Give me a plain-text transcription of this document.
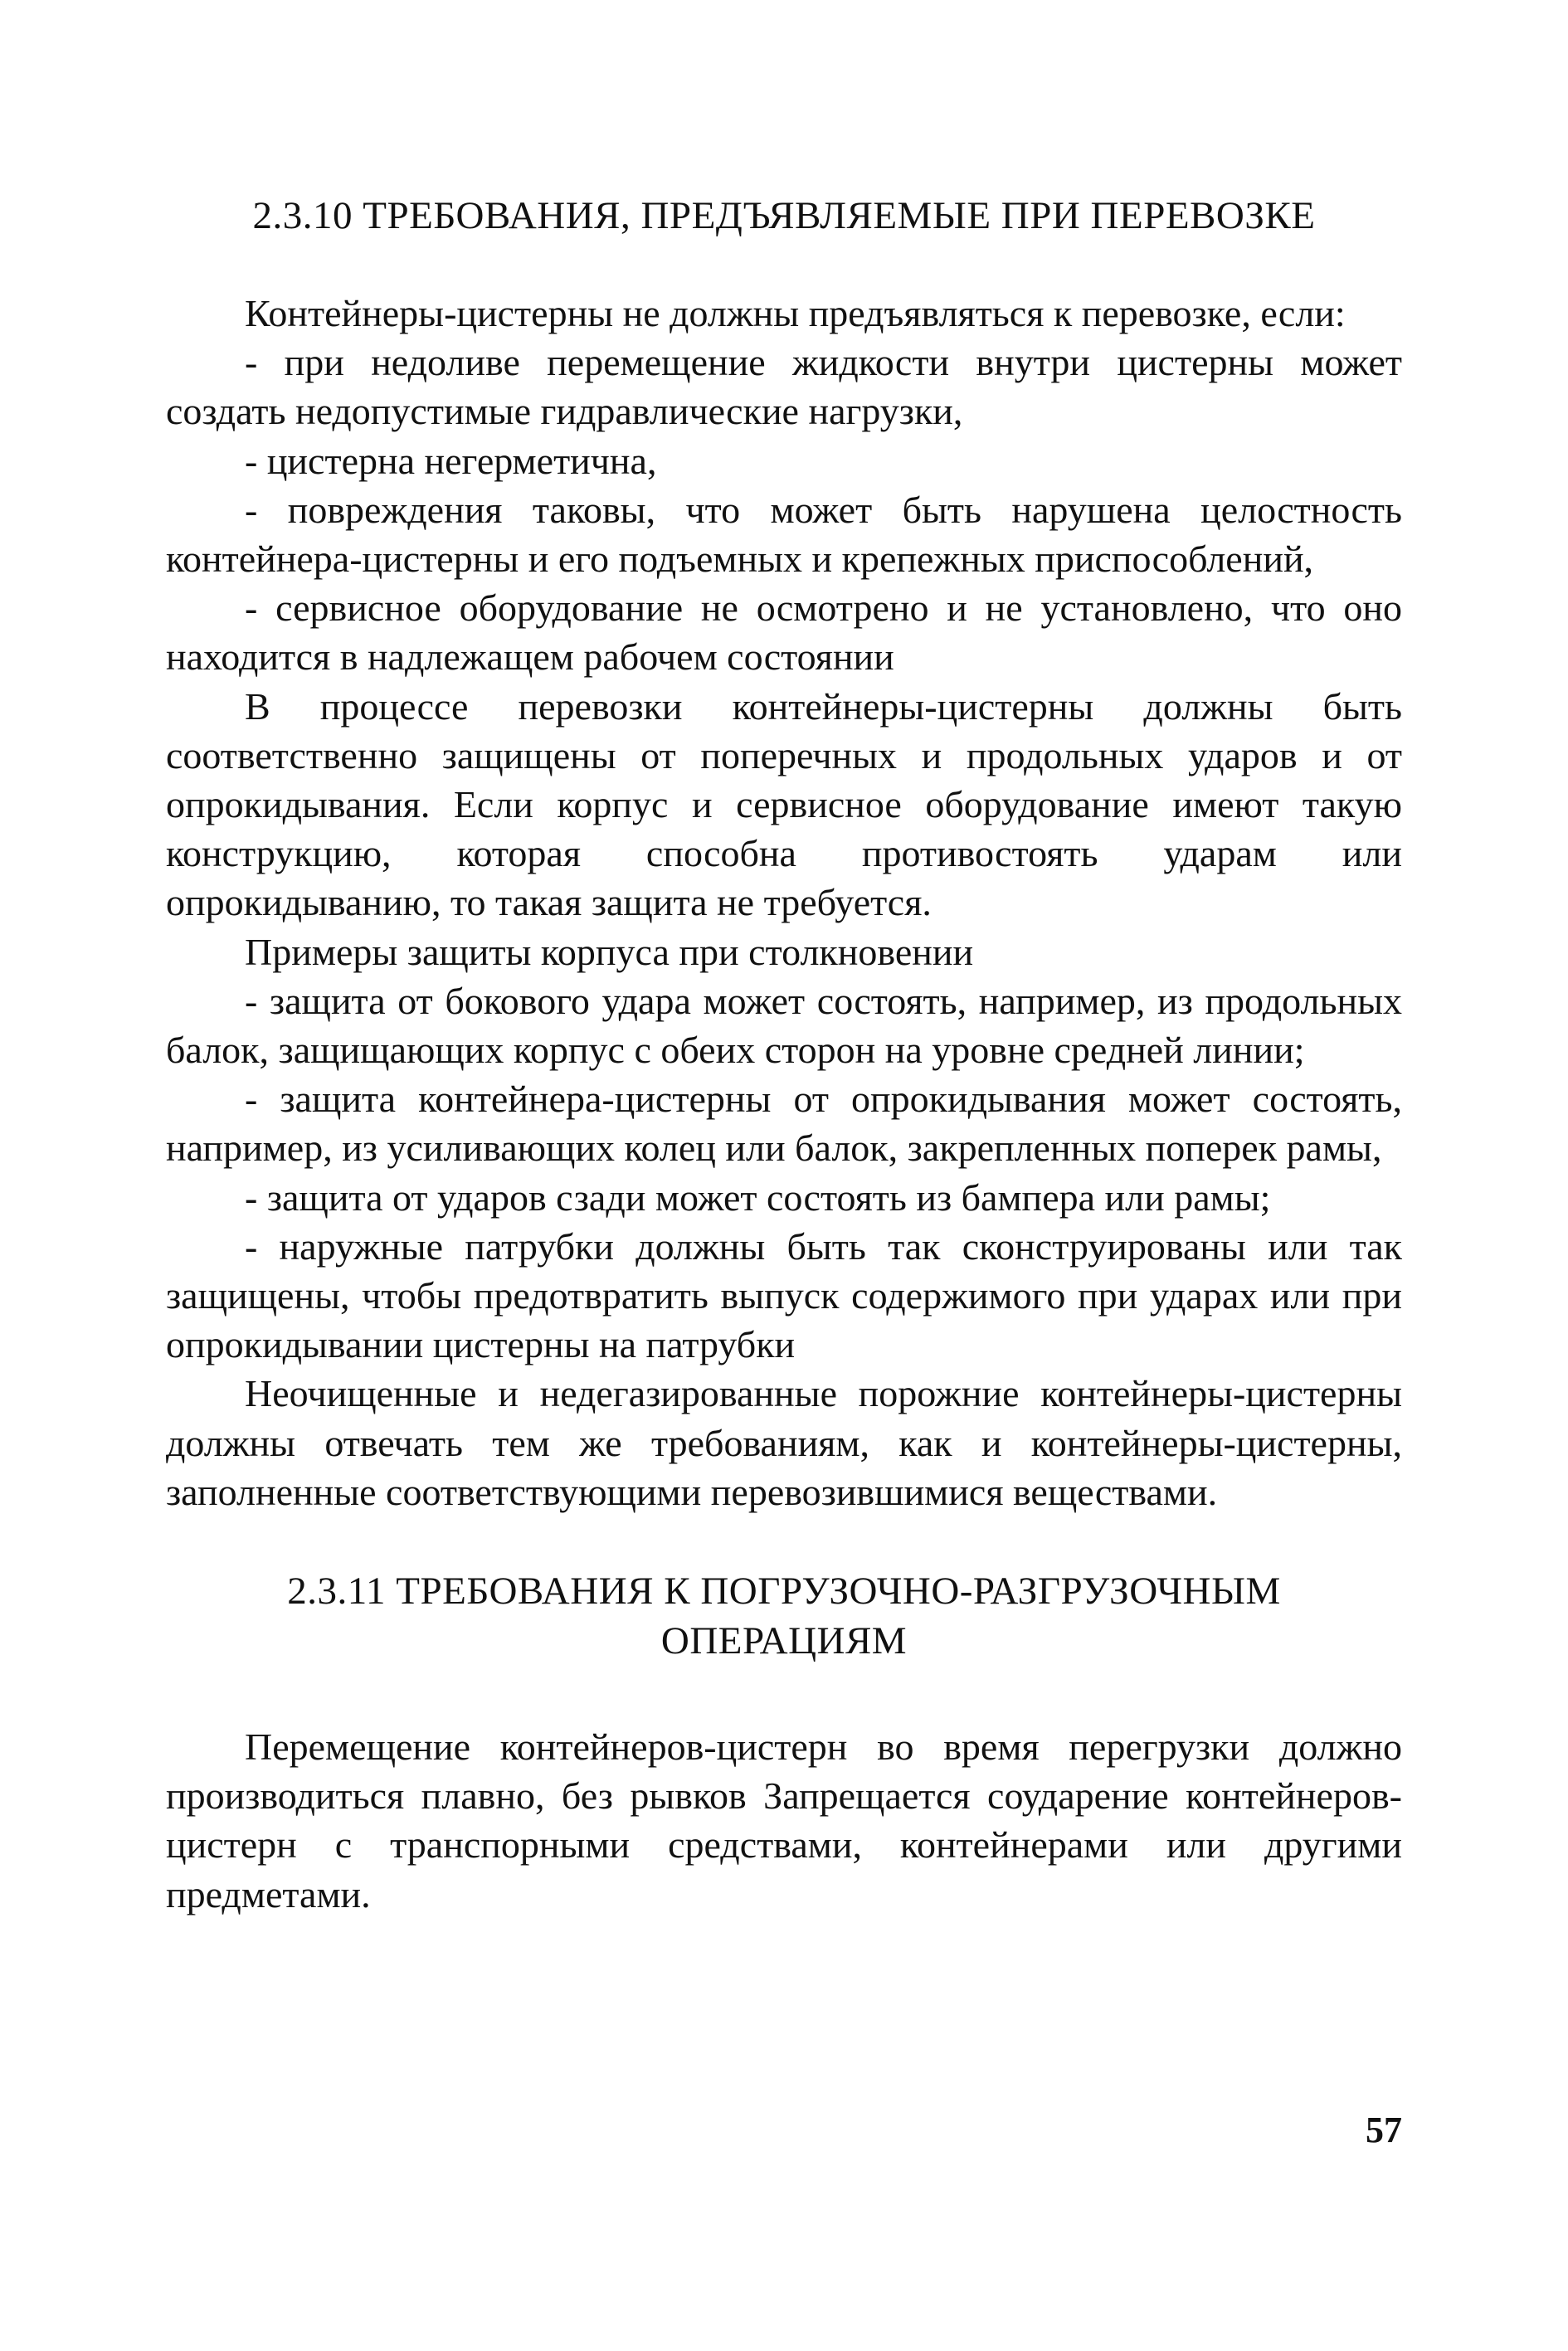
2.3.10 ТРЕБОВАНИЯ, ПРЕДЪЯВЛЯЕМЫЕ ПРИ ПЕРЕВОЗКЕ

Контейнеры-цистерны не должны предъявляться к перевозке, если:

- при недоливе перемещение жидкости внутри цистерны может создать недопустимые гидравлические нагрузки,

- цистерна негерметична,

- повреждения таковы, что может быть нарушена целостность контейнера-цистерны и его подъемных и крепежных приспособлений,

- сервисное оборудование не осмотрено и не установлено, что оно находится в надлежащем рабочем состоянии

В процессе перевозки контейнеры-цистерны должны быть соответственно защищены от поперечных и продольных ударов и от опрокидывания. Если корпус и сервисное оборудование имеют такую конструкцию, которая способна противостоять ударам или опрокидыванию, то такая защита не требуется.

Примеры защиты корпуса при столкновении

- защита от бокового удара может состоять, например, из продольных балок, защищающих корпус с обеих сторон на уровне средней линии;

- защита контейнера-цистерны от опрокидывания может состоять, например, из усиливающих колец или балок, закрепленных поперек рамы,

- защита от ударов сзади может состоять из бампера или рамы;

- наружные патрубки должны быть так сконструированы или так защищены, чтобы предотвратить выпуск содержимого при ударах или при опрокидывании цистерны на патрубки

Неочищенные и недегазированные порожние контейнеры-цистерны должны отвечать тем же требованиям, как и контейнеры-цистерны, заполненные соответствующими перевозившимися веществами.

2.3.11 ТРЕБОВАНИЯ К ПОГРУЗОЧНО-РАЗГРУЗОЧНЫМ
ОПЕРАЦИЯМ

Перемещение контейнеров-цистерн во время перегрузки должно производиться плавно, без рывков Запрещается соударение контейнеров-цистерн с транспорными средствами, контейнерами или другими предметами.

57
